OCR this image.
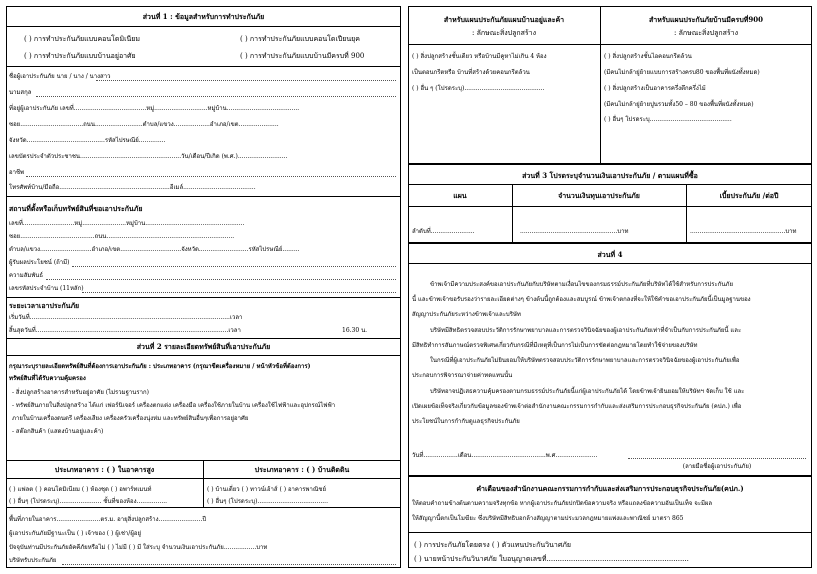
ส่วนที่ 1 : ข้อมูลสำหรับการทำประกันภัย
( ) การทำประกันภัยแบบคอนโดมิเนียม	( ) การทำประกันภัยแบบคอนโดเปียนยุค
( ) การทำประกันภัยแบบบ้านอยู่อาศัย	( ) การทำประกันภัยแบบบ้านมีครบที่ 900
ชื่อผู้เอาประกันภัย นาย / นาง / นางสาว
นามสกุล
ที่อยู่ผู้เอาประกันภัย เลขที่......................................หมู่............................หมู่บ้าน......................................
ซอย.................................ถนน.........................ตำบล/แขวง...................อำเภอ/เขต.....................
จังหวัด.........................................รหัสไปรษณีย์..............
เลขบัตรประจำตัวประชาชน.....................................................วัน/เดือน/ปีเกิด (พ.ศ.)..........................
อาชีพ
โทรศัพท์บ้าน/มือถือ..........................................................อีเมล์......................................
สถานที่ตั้งหรือเก็บทรัพย์สินที่ขอเอาประกันภัย
เลขที่...........................หมู่.......................หมู่บ้าน....................................................
ซอย.......................................ถนน...................................................................
ตำบล/แขวง...........................อำเภอ/เขต................................จังหวัด..........................รหัสไปรษณีย์.........
ผู้รับผลประโยชน์ (ถ้ามี)
ความสัมพันธ์
เลขรหัสประจำบ้าน (11หลัก)
ระยะเวลาเอาประกันภัย
เริ่มวันที่.........................................................................................................เวลา
สิ้นสุดวันที่.....................................................................................................เวลา	16.30 น.
ส่วนที่ 2 รายละเอียดทรัพย์สินที่เอาประกันภัย
กรุณาระบุรายละเอียดทรัพย์สินที่ต้องการเอาประกันภัย : ประเภทอาคาร (กรุณาขีดเครื่องหมาย / หน้าหัวข้อที่ต้องการ)
ทรัพย์สินที่ได้รับความคุ้มครอง
- สิ่งปลูกสร้างอาคารสำหรับอยู่อาศัย (ไม่รวมฐานราก)
- ทรัพย์สินภายในสิ่งปลูกสร้าง ได้แก่ เฟอร์นิเจอร์ เครื่องตกแต่ง เครื่องมือ เครื่องใช้ภายในบ้าน เครื่องใช้ไฟฟ้าและอุปกรณ์ไฟฟ้า
ภายในบ้านเครื่องดนตรี เครื่องเสียง เครื่องครัวเครื่องนุ่งห่ม และทรัพย์สินอื่นๆเพื่อการอยู่อาศัย
- สต๊อกสินค้า (แสดงบ้านอยู่และค้า)
ประเภทอาคาร : ( ) ในอาคารสูง	ประเภทอาคาร : ( ) บ้านติดดิน
( ) แฟลต ( ) คอนโดมิเนียม ( ) ห้องชุด ( ) อพาร์ทเมนท์
( ) อื่นๆ (โปรดระบุ)...................... ชั้นที่ของห้อง................
( ) บ้านเดี่ยว ( ) ทาวน์เฮ้าส์ ( ) อาคารพาณิชย์
( ) อื่นๆ (โปรดระบุ).....................................
พื้นที่ภายในอาคาร.......................ตร.ม. อายุสิ่งปลูกสร้าง.......................ปี
ผู้เอาประกันภัยมีฐานะเป็น ( ) เจ้าของ ( ) ผู้เช่า/ผู้อยู่
ปัจจุบันท่านมีประกันภัยอัคคีภัยหรือไม่ ( ) ไม่มี ( ) มี ใส่ระบุ จำนวนเงินเอาประกันภัย.................บาท
บริษัทรับประกันภัย
สำหรับแผนประกันภัยแผนบ้านอยู่และค้า
: ลักษณะสิ่งปลูกสร้าง
สำหรับแผนประกันภัยบ้านมีครบที่900
: ลักษณะสิ่งปลูกสร้าง
( ) สิ่งปลูกสร้างชั้นเดียว หรือบ้านมีคูหาไม่เกิน 4 ห้อง
เป็นตอนกรีตหรือ บ้านที่สร้างด้วยคอนกรีตล้วน
( ) อื่น ๆ (โปรดระบุ)..........................................
( ) สิ่งปลูกสร้างชั้นไอคอนกรีตล้วน
(มีคนไม่กล้ายู่ย้ายแบบการสร้างครบ80 ของพื้นที่ผนังทั้งหมด)
( ) สิ่งปลูกสร้างเป็นอาคารครึ่งตึกครึ่งไม้
(มีคนไม่กล้ายู่ย้ายปูนรวมทั้ง50 – 80 ของพื้นที่ผนังทั้งหมด)
( ) อื่นๆ โปรดระบุ...........................................
ส่วนที่ 3 โปรดระบุจำนวนเงินเอาประกันภัย / ตามแผนที่ซื้อ
แผน	จำนวนเงินทุนเอาประกันภัย	เบี้ยประกันภัย /ต่อปี
ลำดับที่.......................	...................................................บาท	..................................................บาท
ส่วนที่ 4
ข้าพเจ้ามีความประสงค์ขอเอาประกันภัยกับบริษัทตามเงื่อนไขของกรมธรรม์ประกันภัยที่บริษัทได้ใช้สำหรับการประกันภัย
นี้ และข้าพเจ้าขอรับรองว่ารายละเอียดต่างๆ ข้างต้นนี้ถูกต้องและสมบูรณ์ ข้าพเจ้าตกลงที่จะให้ใช้คำขอเอาประกันภัยนี้เป็นมูลฐานของ
สัญญาประกันภัยระหว่างข้าพเจ้าและบริษัท
บริษัทมีสิทธิตรวจสอบประวัติการรักษาพยาบาลและการตรวจวินิจฉัยของผู้เอาประกันภัยเท่าที่จำเป็นกับการประกันภัยนี้ และ
มีสิทธิทำการสัมภาษณ์ตรวจพิเศษเกี่ยวกับกรณีที่มีเหตุที่เป็นการไม่เป็นการขัดต่อกฎหมายโดยทำใช้จ่ายของบริษัท
ในกรณีที่ผู้เอาประกันภัยไม่ยินยอมให้บริษัทตรวจสอบประวัติการรักษาพยาบาลและการตรวจวินิจฉัยของผู้เอาประกันภัยเพื่อ
ประกอบการพิจารณาจ่ายค่าทดแทนนั้น
บริษัทอาจปฏิเสธความคุ้มครองตามกรมธรรม์ประกันภัยนี้แก่ผู้เอาประกันภัยได้ โดยข้าพเจ้ายินยอมให้บริษัทฯ จัดเก็บ ใช้ และ
เปิดเผยข้อเท็จจริงเกี่ยวกับข้อมูลของข้าพเจ้าต่อสำนักงานคณะกรรมการกำกับและส่งเสริมการประกอบธุรกิจประกันภัย (คปภ.) เพื่อ
ประโยชน์ในการกำกับดูแลธุรกิจประกันภัย
วันที่..................เดือน.......................................พ.ศ......................
(ลายมือชื่อผู้เอาประกันภัย)
คำเตือนของสำนักงานคณะกรรมการกำกับและส่งเสริมการประกอบธุรกิจประกันภัย(คปภ.)
ให้ตอบคำถามข้างต้นตามความจริงทุกข้อ หากผู้เอาประกันภัยปกปิดข้อความจริง หรือแถลงข้อความอันเป็นเท็จ จะมีผล
ให้สัญญานี้ตกเป็นโมฆียะ ซึ่งบริษัทมีสิทธิบอกล้างสัญญาตามประมวลกฎหมายแพ่งและพาณิชย์ มาตรา 865
( ) การประกันภัยโดยตรง ( ) ตัวแทนประกันวินาศภัย
( ) นายหน้าประกันวินาศภัย ใบอนุญาตเลขที่................................................................
